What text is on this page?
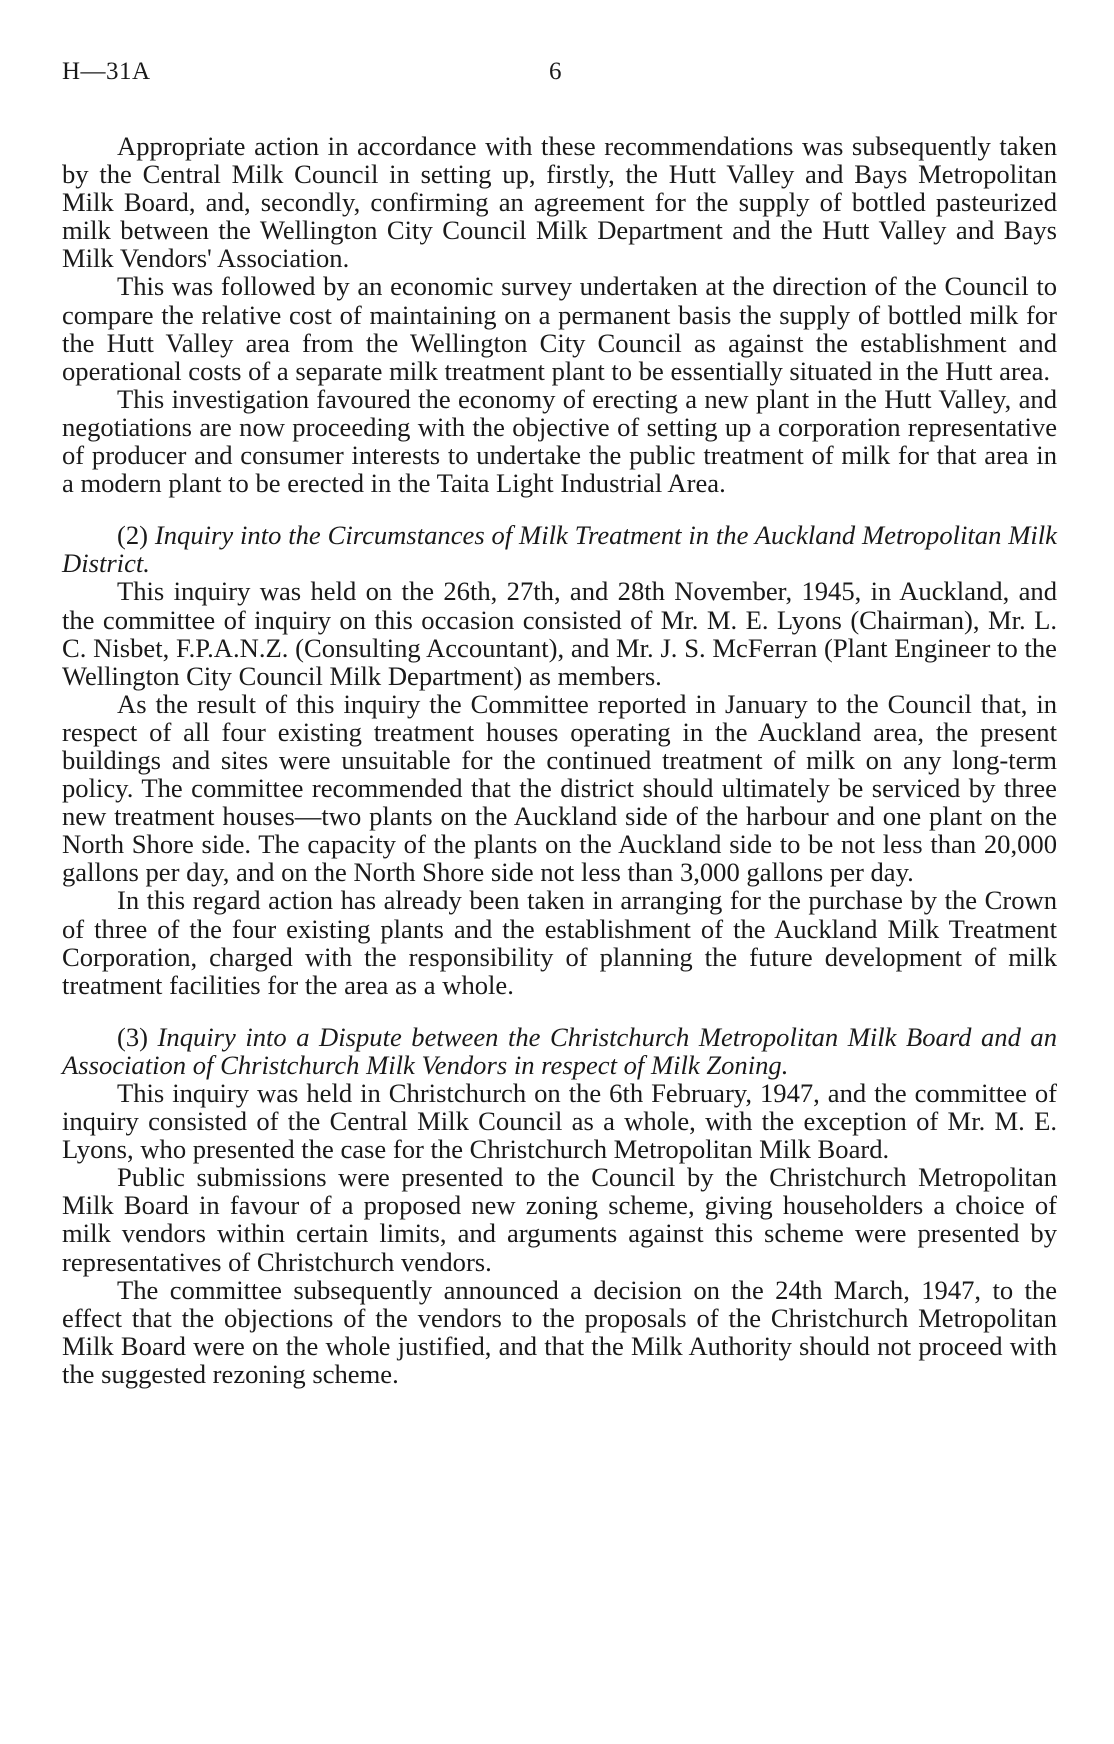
H—31A	6

Appropriate action in accordance with these recommendations was subsequently taken by the Central Milk Council in setting up, firstly, the Hutt Valley and Bays Metropolitan Milk Board, and, secondly, confirming an agreement for the supply of bottled pasteurized milk between the Wellington City Council Milk Department and the Hutt Valley and Bays Milk Vendors' Association.

This was followed by an economic survey undertaken at the direction of the Council to compare the relative cost of maintaining on a permanent basis the supply of bottled milk for the Hutt Valley area from the Wellington City Council as against the establishment and operational costs of a separate milk treatment plant to be essentially situated in the Hutt area.

This investigation favoured the economy of erecting a new plant in the Hutt Valley, and negotiations are now proceeding with the objective of setting up a corporation representative of producer and consumer interests to undertake the public treatment of milk for that area in a modern plant to be erected in the Taita Light Industrial Area.

(2) Inquiry into the Circumstances of Milk Treatment in the Auckland Metropolitan Milk District.

This inquiry was held on the 26th, 27th, and 28th November, 1945, in Auckland, and the committee of inquiry on this occasion consisted of Mr. M. E. Lyons (Chairman), Mr. L. C. Nisbet, F.P.A.N.Z. (Consulting Accountant), and Mr. J. S. McFerran (Plant Engineer to the Wellington City Council Milk Department) as members.

As the result of this inquiry the Committee reported in January to the Council that, in respect of all four existing treatment houses operating in the Auckland area, the present buildings and sites were unsuitable for the continued treatment of milk on any long-term policy. The committee recommended that the district should ultimately be serviced by three new treatment houses—two plants on the Auckland side of the harbour and one plant on the North Shore side. The capacity of the plants on the Auckland side to be not less than 20,000 gallons per day, and on the North Shore side not less than 3,000 gallons per day.

In this regard action has already been taken in arranging for the purchase by the Crown of three of the four existing plants and the establishment of the Auckland Milk Treatment Corporation, charged with the responsibility of planning the future development of milk treatment facilities for the area as a whole.

(3) Inquiry into a Dispute between the Christchurch Metropolitan Milk Board and an Association of Christchurch Milk Vendors in respect of Milk Zoning.

This inquiry was held in Christchurch on the 6th February, 1947, and the committee of inquiry consisted of the Central Milk Council as a whole, with the exception of Mr. M. E. Lyons, who presented the case for the Christchurch Metropolitan Milk Board.

Public submissions were presented to the Council by the Christchurch Metropolitan Milk Board in favour of a proposed new zoning scheme, giving householders a choice of milk vendors within certain limits, and arguments against this scheme were presented by representatives of Christchurch vendors.

The committee subsequently announced a decision on the 24th March, 1947, to the effect that the objections of the vendors to the proposals of the Christchurch Metropolitan Milk Board were on the whole justified, and that the Milk Authority should not proceed with the suggested rezoning scheme.
